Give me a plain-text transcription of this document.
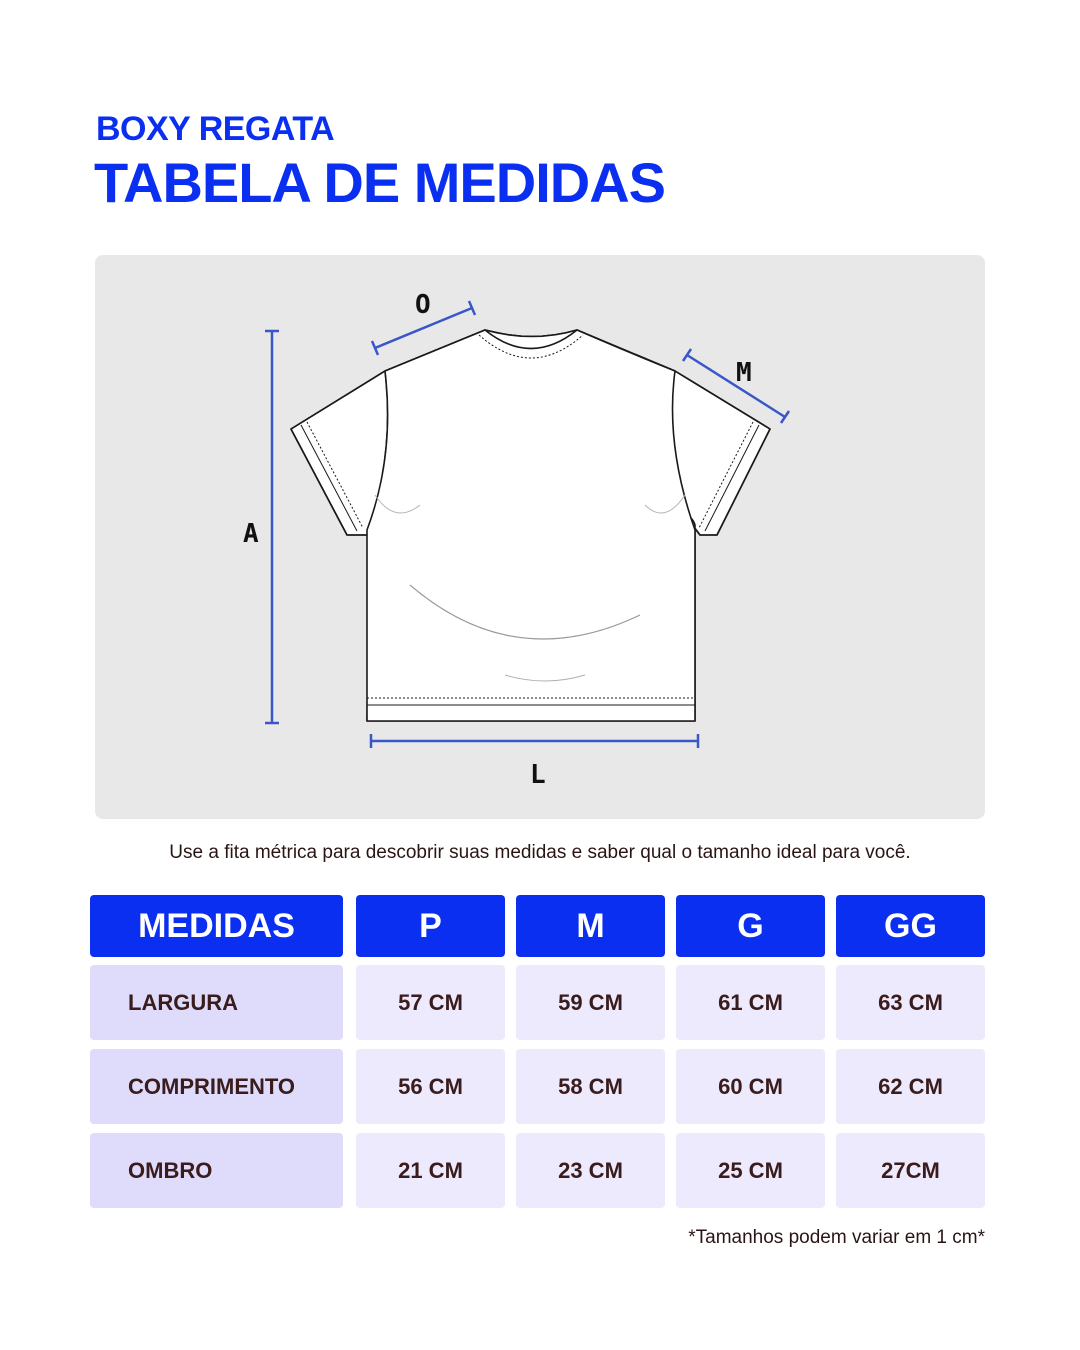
BOXY REGATA
TABELA DE MEDIDAS
O
M
A
L
Use a fita métrica para descobrir suas medidas e saber qual o tamanho ideal para você.
MEDIDAS	P	M	G	GG
LARGURA	57 CM	59 CM	61 CM	63 CM
COMPRIMENTO	56 CM	58 CM	60 CM	62 CM
OMBRO	21 CM	23 CM	25 CM	27CM
*Tamanhos podem variar em 1 cm*
